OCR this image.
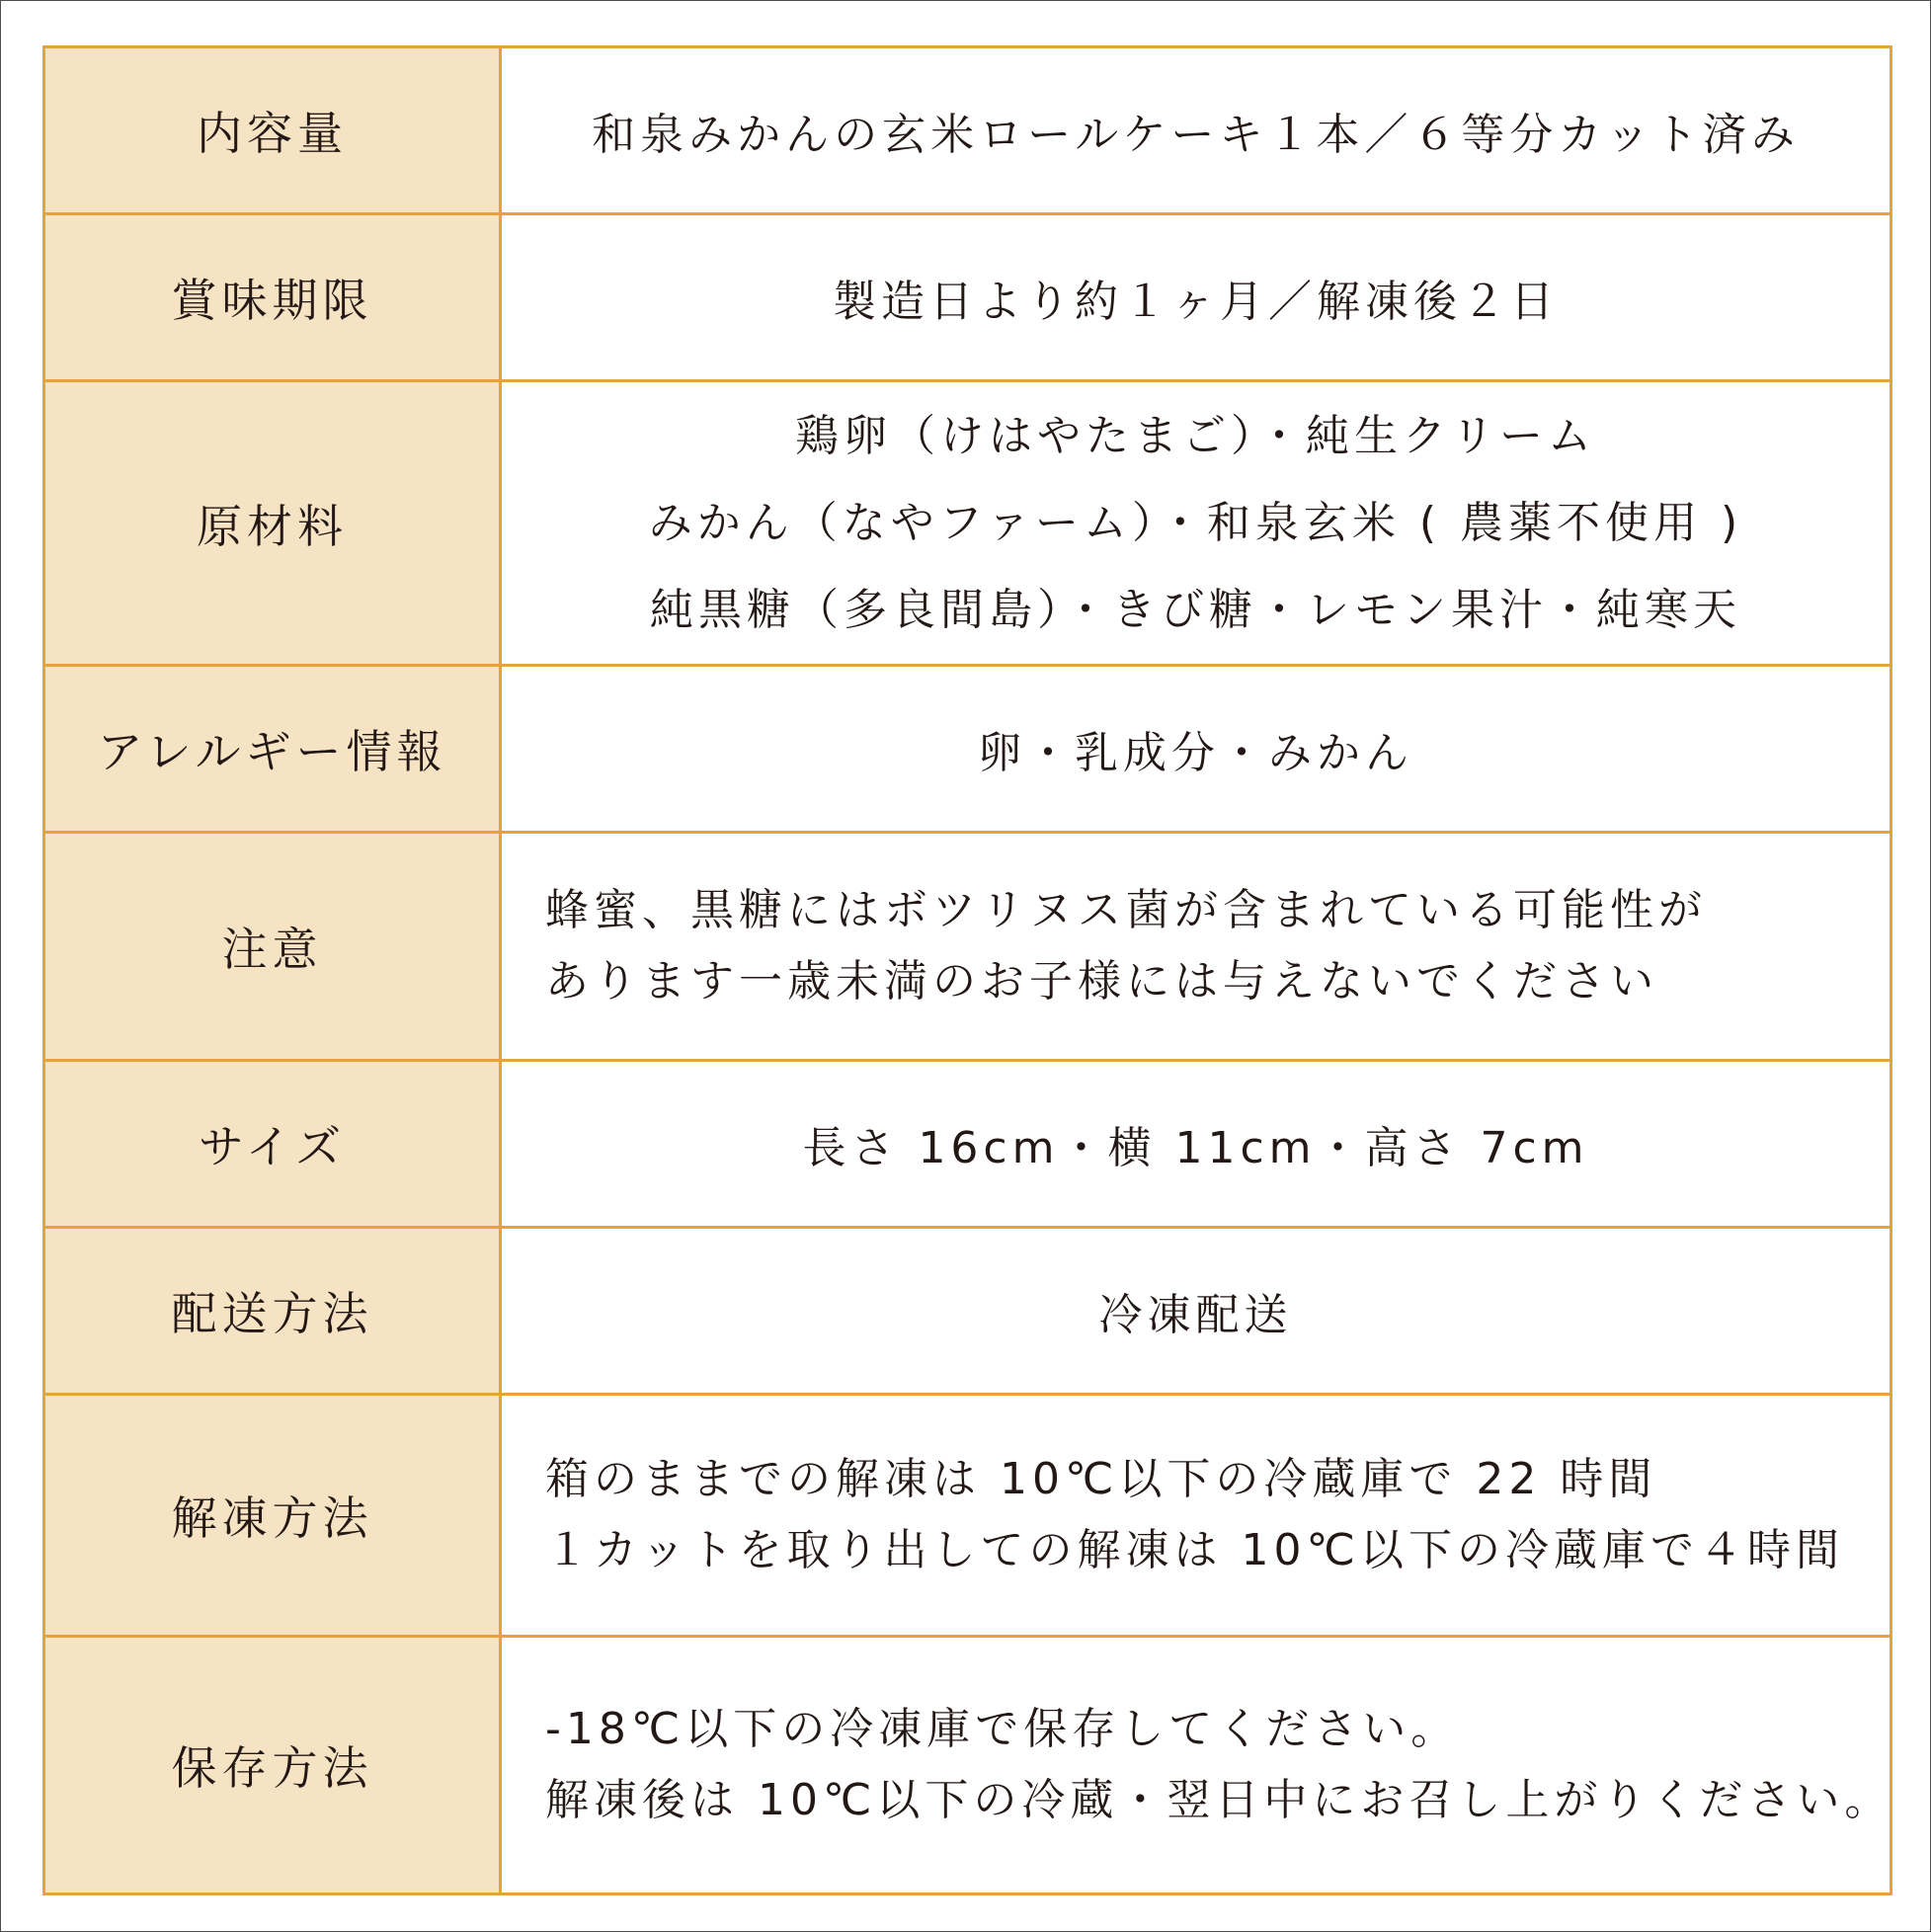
内容量	和泉みかんの玄米ロールケーキ１本／６等分カット済み

賞味期限	製造日より約１ヶ月／解凍後２日

原材料	鶏卵（けはやたまご）・純生クリーム
みかん（なやファーム）・和泉玄米 ( 農薬不使用 )
純黒糖（多良間島）・きび糖・レモン果汁・純寒天

アレルギー情報	卵・乳成分・みかん

注意	蜂蜜、黒糖にはボツリヌス菌が含まれている可能性が
あります一歳未満のお子様には与えないでください

サイズ	長さ 16cm・横 11cm・高さ 7cm

配送方法	冷凍配送

解凍方法	箱のままでの解凍は 10℃以下の冷蔵庫で 22 時間
１カットを取り出しての解凍は 10℃以下の冷蔵庫で４時間

保存方法	-18℃以下の冷凍庫で保存してください。
解凍後は 10℃以下の冷蔵・翌日中にお召し上がりください。
